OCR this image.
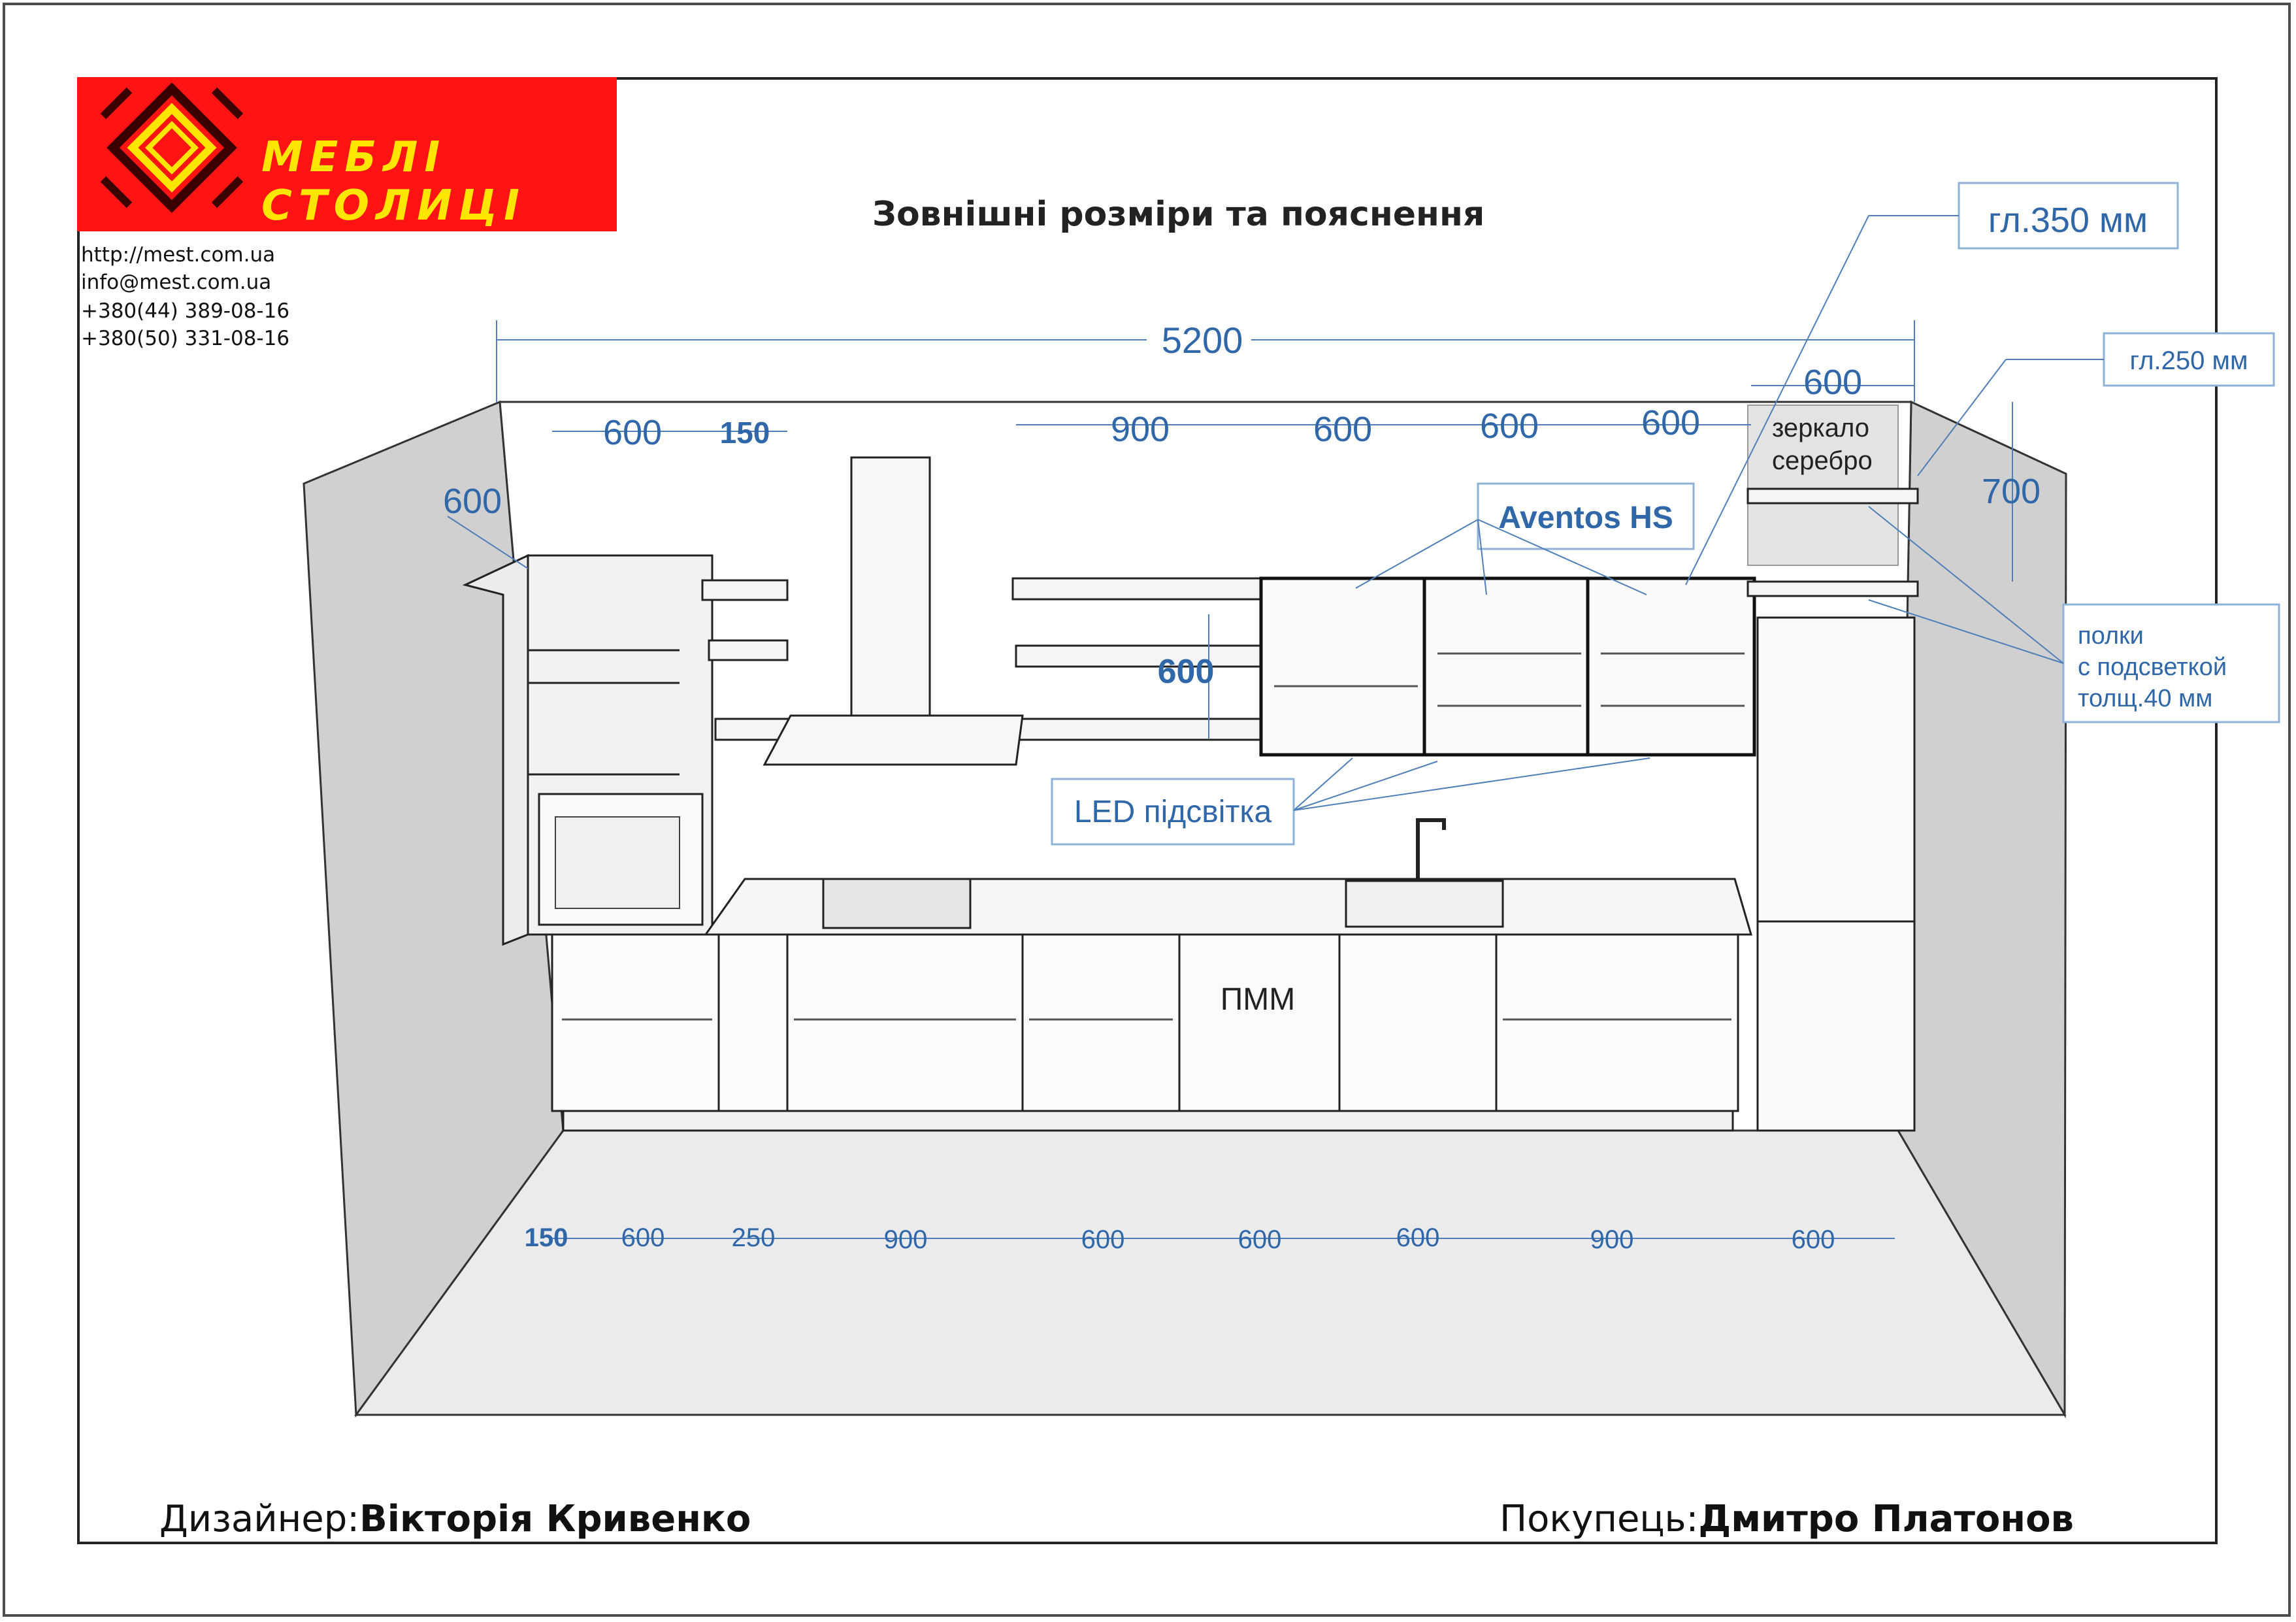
МЕБЛІ СТОЛИЦІ
http://mest.com.ua
info@mest.com.ua
+380(44) 389-08-16
+380(50) 331-08-16
Зовнішні розміри та пояснення
5200
600 150	900	600	600	600
600
600	700
600
150 600	250	900	600	600	600	900	600
гл.350 мм
гл.250 мм
зеркало
серебро
Aventos HS
LED підсвітка
полки
с подсветкой
толщ.40 мм
ПММ
Дизайнер:Вікторія Кривенко	Покупець:Дмитро Платонов
